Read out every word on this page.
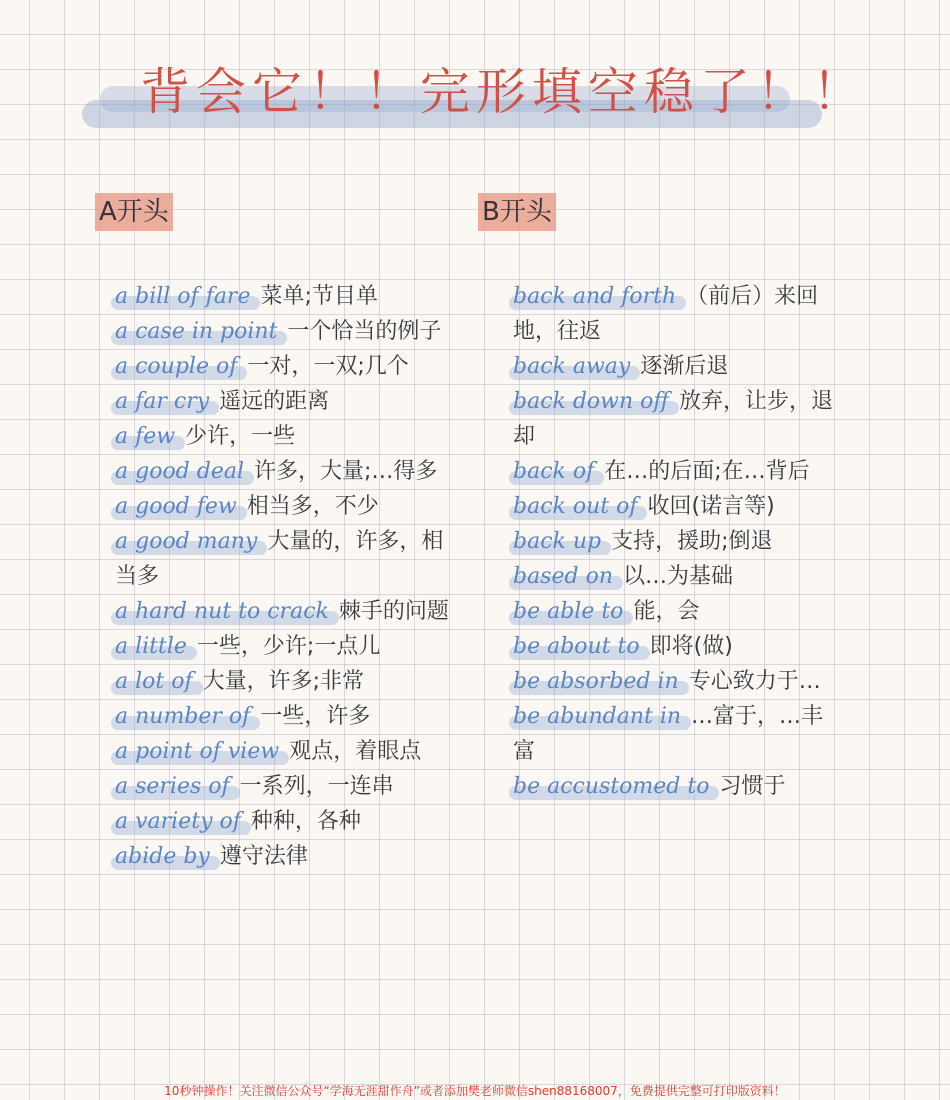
背会它！！完形填空稳了！！
A开头	B开头
a bill of fare 菜单;节目单
a case in point 一个恰当的例子
a couple of 一对，一双;几个
a far cry 遥远的距离
a few 少许，一些
a good deal 许多，大量;…得多
a good few 相当多，不少
a good many 大量的，许多，相当多
a hard nut to crack 棘手的问题
a little 一些，少许;一点儿
a lot of 大量，许多;非常
a number of 一些，许多
a point of view 观点，着眼点
a series of 一系列，一连串
a variety of 种种，各种
abide by 遵守法律
back and forth （前后）来回地，往返
back away 逐渐后退
back down off 放弃，让步，退却
back of 在…的后面;在…背后
back out of 收回(诺言等)
back up 支持，援助;倒退
based on 以…为基础
be able to 能，会
be about to 即将(做)
be absorbed in 专心致力于…
be abundant in …富于，…丰富
be accustomed to 习惯于
10秒钟操作！关注微信公众号“学海无涯甜作舟”或者添加樊老师微信shen88168007，免费提供完整可打印版资料！
